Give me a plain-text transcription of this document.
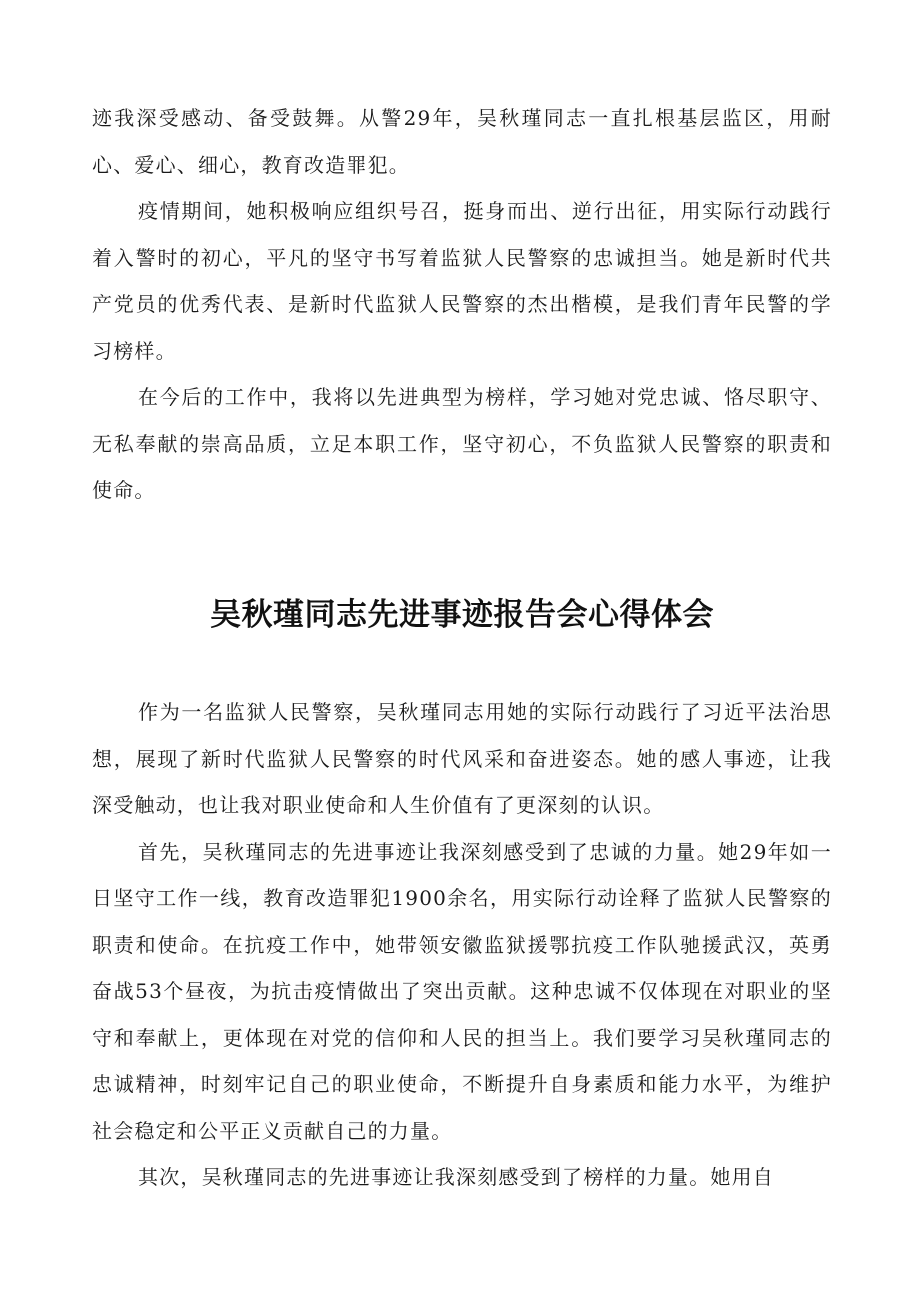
迹我深受感动、备受鼓舞。从警29年，吴秋瑾同志一直扎根基层监区，用耐心、爱心、细心，教育改造罪犯。

疫情期间，她积极响应组织号召，挺身而出、逆行出征，用实际行动践行着入警时的初心，平凡的坚守书写着监狱人民警察的忠诚担当。她是新时代共产党员的优秀代表、是新时代监狱人民警察的杰出楷模，是我们青年民警的学习榜样。

在今后的工作中，我将以先进典型为榜样，学习她对党忠诚、恪尽职守、无私奉献的崇高品质，立足本职工作，坚守初心，不负监狱人民警察的职责和使命。

吴秋瑾同志先进事迹报告会心得体会

作为一名监狱人民警察，吴秋瑾同志用她的实际行动践行了习近平法治思想，展现了新时代监狱人民警察的时代风采和奋进姿态。她的感人事迹，让我深受触动，也让我对职业使命和人生价值有了更深刻的认识。

首先，吴秋瑾同志的先进事迹让我深刻感受到了忠诚的力量。她29年如一日坚守工作一线，教育改造罪犯1900余名，用实际行动诠释了监狱人民警察的职责和使命。在抗疫工作中，她带领安徽监狱援鄂抗疫工作队驰援武汉，英勇奋战53个昼夜，为抗击疫情做出了突出贡献。这种忠诚不仅体现在对职业的坚守和奉献上，更体现在对党的信仰和人民的担当上。我们要学习吴秋瑾同志的忠诚精神，时刻牢记自己的职业使命，不断提升自身素质和能力水平，为维护社会稳定和公平正义贡献自己的力量。

其次，吴秋瑾同志的先进事迹让我深刻感受到了榜样的力量。她用自
